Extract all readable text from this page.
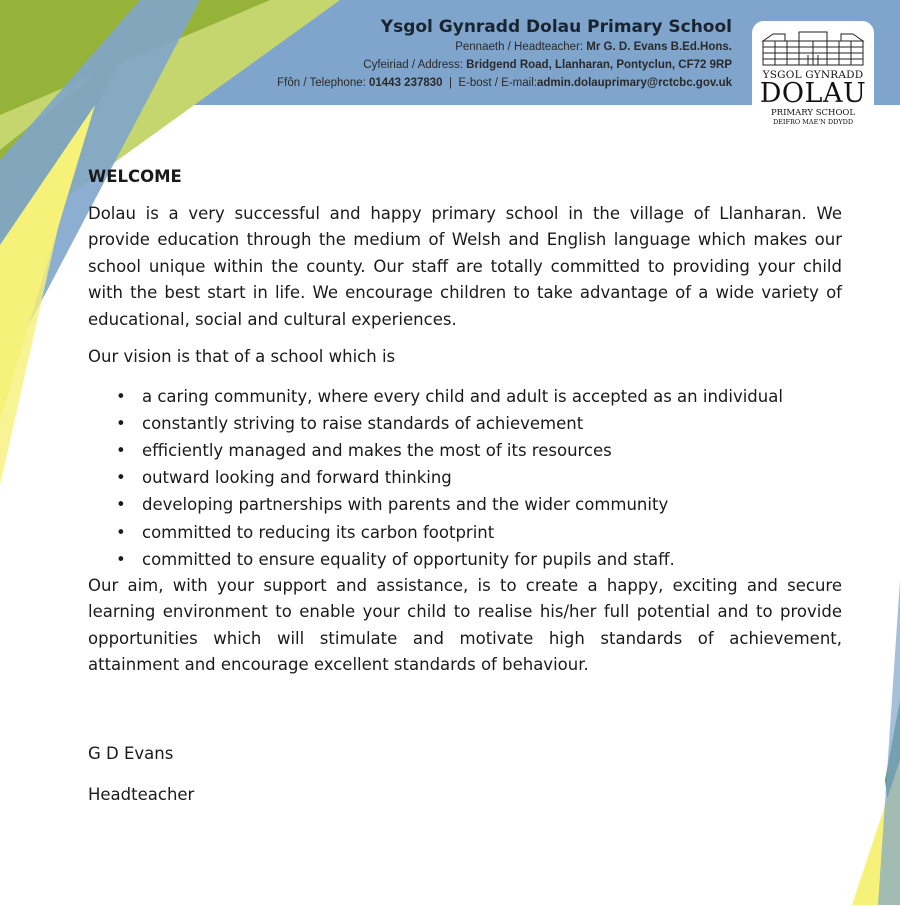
Ysgol Gynradd Dolau Primary School
Pennaeth / Headteacher: Mr G. D. Evans B.Ed.Hons.
Cyfeiriad / Address: Bridgend Road, Llanharan, Pontyclun, CF72 9RP
Ffôn / Telephone: 01443 237830  |  E-bost / E-mail:admin.dolauprimary@rctcbc.gov.uk
YSGOL GYNRADD
DOLAU
PRIMARY SCHOOL
DEIFRO MAE'N DDYDD
WELCOME

Dolau is a very successful and happy primary school in the village of Llanharan. We provide education through the medium of Welsh and English language which makes our school unique within the county. Our staff are totally committed to providing your child with the best start in life. We encourage children to take advantage of a wide variety of educational, social and cultural experiences.

Our vision is that of a school which is

• a caring community, where every child and adult is accepted as an individual
• constantly striving to raise standards of achievement
• efficiently managed and makes the most of its resources
• outward looking and forward thinking
• developing partnerships with parents and the wider community
• committed to reducing its carbon footprint
• committed to ensure equality of opportunity for pupils and staff.

Our aim, with your support and assistance, is to create a happy, exciting and secure learning environment to enable your child to realise his/her full potential and to provide opportunities which will stimulate and motivate high standards of achievement, attainment and encourage excellent standards of behaviour.

G D Evans
Headteacher
